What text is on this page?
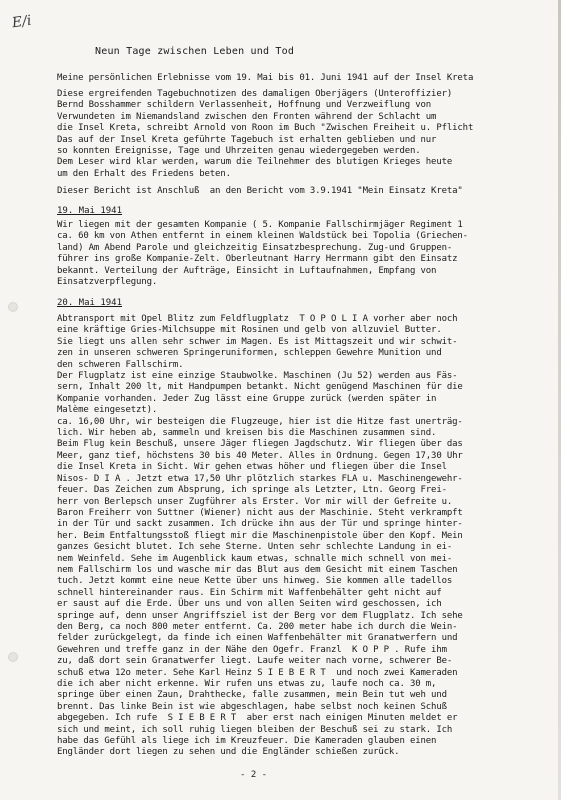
E/i
Neun Tage zwischen Leben und Tod
Meine persönlichen Erlebnisse vom 19. Mai bis 01. Juni 1941 auf der Insel Kreta
Diese ergreifenden Tagebuchnotizen des damaligen Oberjägers (Unteroffizier)
Bernd Bosshammer schildern Verlassenheit, Hoffnung und Verzweiflung von
Verwundeten im Niemandsland zwischen den Fronten während der Schlacht um
die Insel Kreta, schreibt Arnold von Roon im Buch "Zwischen Freiheit u. Pflicht
Das auf der Insel Kreta geführte Tagebuch ist erhalten geblieben und nur
so konnten Ereignisse, Tage und Uhrzeiten genau wiedergegeben werden.
Dem Leser wird klar werden, warum die Teilnehmer des blutigen Krieges heute
um den Erhalt des Friedens beten.
Dieser Bericht ist Anschluß  an den Bericht vom 3.9.1941 "Mein Einsatz Kreta"
19. Mai 1941
Wir liegen mit der gesamten Kompanie ( 5. Kompanie Fallschirmjäger Regiment 1
ca. 60 km von Athen entfernt in einem kleinen Waldstück bei Topolia (Griechen-
land) Am Abend Parole und gleichzeitig Einsatzbesprechung. Zug-und Gruppen-
führer ins große Kompanie-Zelt. Oberleutnant Harry Herrmann gibt den Einsatz
bekannt. Verteilung der Aufträge, Einsicht in Luftaufnahmen, Empfang von
Einsatzverpflegung.
20. Mai 1941
Abtransport mit Opel Blitz zum Feldflugplatz  T O P O L I A vorher aber noch
eine kräftige Gries-Milchsuppe mit Rosinen und gelb von allzuviel Butter.
Sie liegt uns allen sehr schwer im Magen. Es ist Mittagszeit und wir schwit-
zen in unseren schweren Springeruniformen, schleppen Gewehre Munition und
den schweren Fallschirm.
Der Flugplatz ist eine einzige Staubwolke. Maschinen (Ju 52) werden aus Fäs-
sern, Inhalt 200 lt, mit Handpumpen betankt. Nicht genügend Maschinen für die
Kompanie vorhanden. Jeder Zug lässt eine Gruppe zurück (werden später in
Malème eingesetzt).
ca. 16,00 Uhr, wir besteigen die Flugzeuge, hier ist die Hitze fast unerträg-
lich. Wir heben ab, sammeln und kreisen bis die Maschinen zusammen sind.
Beim Flug kein Beschuß, unsere Jäger fliegen Jagdschutz. Wir fliegen über das
Meer, ganz tief, höchstens 30 bis 40 Meter. Alles in Ordnung. Gegen 17,30 Uhr
die Insel Kreta in Sicht. Wir gehen etwas höher und fliegen über die Insel
Nisos- D I A . Jetzt etwa 17,50 Uhr plötzlich starkes FLA u. Maschinengewehr-
feuer. Das Zeichen zum Absprung, ich springe als Letzter, Ltn. Georg Frei-
herr von Berlepsch unser Zugführer als Erster. Vor mir will der Gefreite u.
Baron Freiherr von Suttner (Wiener) nicht aus der Maschinie. Steht verkrampft
in der Tür und sackt zusammen. Ich drücke ihn aus der Tür und springe hinter-
her. Beim Entfaltungsstoß fliegt mir die Maschinenpistole über den Kopf. Mein
ganzes Gesicht blutet. Ich sehe Sterne. Unten sehr schlechte Landung in ei-
nem Weinfeld. Sehe im Augenblick kaum etwas, schnalle mich schnell von mei-
nem Fallschirm los und wasche mir das Blut aus dem Gesicht mit einem Taschen
tuch. Jetzt kommt eine neue Kette über uns hinweg. Sie kommen alle tadellos
schnell hintereinander raus. Ein Schirm mit Waffenbehälter geht nicht auf
er saust auf die Erde. Über uns und von allen Seiten wird geschossen, ich
springe auf, denn unser Angriffsziel ist der Berg vor dem Flugplatz. Ich sehe
den Berg, ca noch 800 meter entfernt. Ca. 200 meter habe ich durch die Wein-
felder zurückgelegt, da finde ich einen Waffenbehälter mit Granatwerfern und
Gewehren und treffe ganz in der Nähe den Ogefr. Franzl  K O P P . Rufe ihm
zu, daß dort sein Granatwerfer liegt. Laufe weiter nach vorne, schwerer Be-
schuß etwa 12o meter. Sehe Karl Heinz S I E B E R T  und noch zwei Kameraden
die ich aber nicht erkenne. Wir rufen uns etwas zu, laufe noch ca. 30 m,
springe über einen Zaun, Drahthecke, falle zusammen, mein Bein tut weh und
brennt. Das linke Bein ist wie abgeschlagen, habe selbst noch keinen Schuß
abgegeben. Ich rufe  S I E B E R T  aber erst nach einigen Minuten meldet er
sich und meint, ich soll ruhig liegen bleiben der Beschuß sei zu stark. Ich
habe das Gefühl als liege ich im Kreuzfeuer. Die Kameraden glauben einen
Engländer dort liegen zu sehen und die Engländer schießen zurück.
- 2 -
